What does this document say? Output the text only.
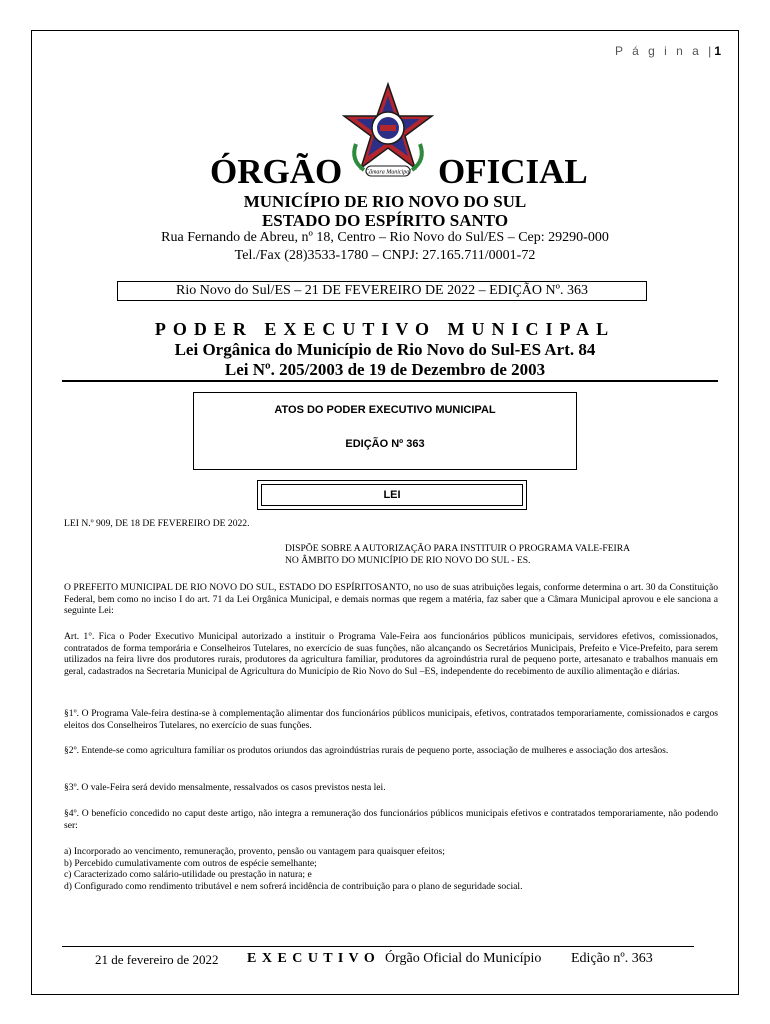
P á g i n a |1
Câmara Municipal
ÓRGÃO	OFICIAL
MUNICÍPIO DE RIO NOVO DO SUL
ESTADO DO ESPÍRITO SANTO
Rua Fernando de Abreu, nº 18, Centro – Rio Novo do Sul/ES – Cep: 29290-000
Tel./Fax (28)3533-1780 – CNPJ: 27.165.711/0001-72
Rio Novo do Sul/ES – 21 DE FEVEREIRO DE 2022 – EDIÇÃO Nº. 363
PODER EXECUTIVO MUNICIPAL
Lei Orgânica do Município de Rio Novo do Sul-ES Art. 84
Lei Nº. 205/2003 de 19 de Dezembro de 2003
ATOS DO PODER EXECUTIVO MUNICIPAL
EDIÇÃO Nº 363
LEI
LEI N.º 909, DE 18 DE FEVEREIRO DE 2022.
DISPÕE SOBRE A AUTORIZAÇÃO PARA INSTITUIR O PROGRAMA VALE-FEIRA
NO ÂMBITO DO MUNICÍPIO DE RIO NOVO DO SUL - ES.

O PREFEITO MUNICIPAL DE RIO NOVO DO SUL, ESTADO DO ESPÍRITOSANTO, no uso de suas atribuições legais, conforme determina o art. 30 da Constituição Federal, bem como no inciso I do art. 71 da Lei Orgânica Municipal, e demais normas que regem a matéria, faz saber que a Câmara Municipal aprovou e ele sanciona a seguinte Lei:

Art. 1°. Fica o Poder Executivo Municipal autorizado a instituir o Programa Vale-Feira aos funcionários públicos municipais, servidores efetivos, comissionados, contratados de forma temporária e Conselheiros Tutelares, no exercício de suas funções, não alcançando os Secretários Municipais, Prefeito e Vice-Prefeito, para serem utilizados na feira livre dos produtores rurais, produtores da agricultura familiar, produtores da agroindústria rural de pequeno porte, artesanato e trabalhos manuais em geral, cadastrados na Secretaria Municipal de Agricultura do Município de Rio Novo do Sul –ES, independente do recebimento de auxílio alimentação e diárias.

§1º. O Programa Vale-feira destina-se à complementação alimentar dos funcionários públicos municipais, efetivos, contratados temporariamente, comissionados e cargos eleitos dos Conselheiros Tutelares, no exercício de suas funções.

§2º. Entende-se como agricultura familiar os produtos oriundos das agroindústrias rurais de pequeno porte, associação de mulheres e associação dos artesãos.

§3º. O vale-Feira será devido mensalmente, ressalvados os casos previstos nesta lei.

§4º. O benefício concedido no caput deste artigo, não integra a remuneração dos funcionários públicos municipais efetivos e contratados temporariamente, não podendo ser:

a) Incorporado ao vencimento, remuneração, provento, pensão ou vantagem para quaisquer efeitos;
b) Percebido cumulativamente com outros de espécie semelhante;
c) Caracterizado como salário-utilidade ou prestação in natura; e
d) Configurado como rendimento tributável e nem sofrerá incidência de contribuição para o plano de seguridade social.
21 de fevereiro de 2022 E X E C U T I V O Órgão Oficial do Município Edição nº. 363
